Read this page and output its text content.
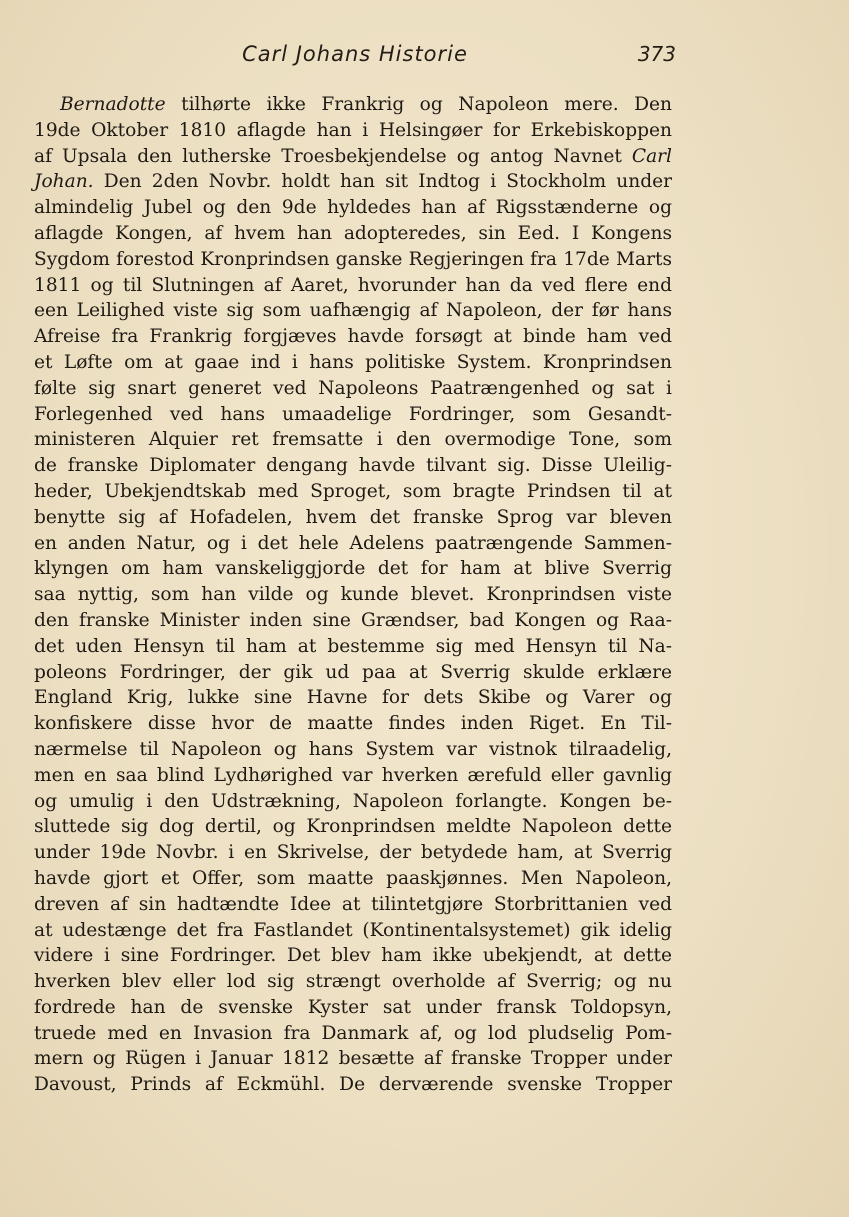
Carl Johans Historie	373
Bernadotte tilhørte ikke Frankrig og Napoleon mere. Den
19de Oktober 1810 aflagde han i Helsingøer for Erkebiskoppen
af Upsala den lutherske Troesbekjendelse og antog Navnet Carl
Johan. Den 2den Novbr. holdt han sit Indtog i Stockholm under
almindelig Jubel og den 9de hyldedes han af Rigsstænderne og
aflagde Kongen, af hvem han adopteredes, sin Eed. I Kongens
Sygdom forestod Kronprindsen ganske Regjeringen fra 17de Marts
1811 og til Slutningen af Aaret, hvorunder han da ved flere end
een Leilighed viste sig som uafhængig af Napoleon, der før hans
Afreise fra Frankrig forgjæves havde forsøgt at binde ham ved
et Løfte om at gaae ind i hans politiske System. Kronprindsen
følte sig snart generet ved Napoleons Paatrængenhed og sat i
Forlegenhed ved hans umaadelige Fordringer, som Gesandt-
ministeren Alquier ret fremsatte i den overmodige Tone, som
de franske Diplomater dengang havde tilvant sig. Disse Uleilig-
heder, Ubekjendtskab med Sproget, som bragte Prindsen til at
benytte sig af Hofadelen, hvem det franske Sprog var bleven
en anden Natur, og i det hele Adelens paatrængende Sammen-
klyngen om ham vanskeliggjorde det for ham at blive Sverrig
saa nyttig, som han vilde og kunde blevet. Kronprindsen viste
den franske Minister inden sine Grændser, bad Kongen og Raa-
det uden Hensyn til ham at bestemme sig med Hensyn til Na-
poleons Fordringer, der gik ud paa at Sverrig skulde erklære
England Krig, lukke sine Havne for dets Skibe og Varer og
konfiskere disse hvor de maatte findes inden Riget. En Til-
nærmelse til Napoleon og hans System var vistnok tilraadelig,
men en saa blind Lydhørighed var hverken ærefuld eller gavnlig
og umulig i den Udstrækning, Napoleon forlangte. Kongen be-
sluttede sig dog dertil, og Kronprindsen meldte Napoleon dette
under 19de Novbr. i en Skrivelse, der betydede ham, at Sverrig
havde gjort et Offer, som maatte paaskjønnes. Men Napoleon,
dreven af sin hadtændte Idee at tilintetgjøre Storbrittanien ved
at udestænge det fra Fastlandet (Kontinentalsystemet) gik idelig
videre i sine Fordringer. Det blev ham ikke ubekjendt, at dette
hverken blev eller lod sig strængt overholde af Sverrig; og nu
fordrede han de svenske Kyster sat under fransk Toldopsyn,
truede med en Invasion fra Danmark af, og lod pludselig Pom-
mern og Rügen i Januar 1812 besætte af franske Tropper under
Davoust, Prinds af Eckmühl. De derværende svenske Tropper
